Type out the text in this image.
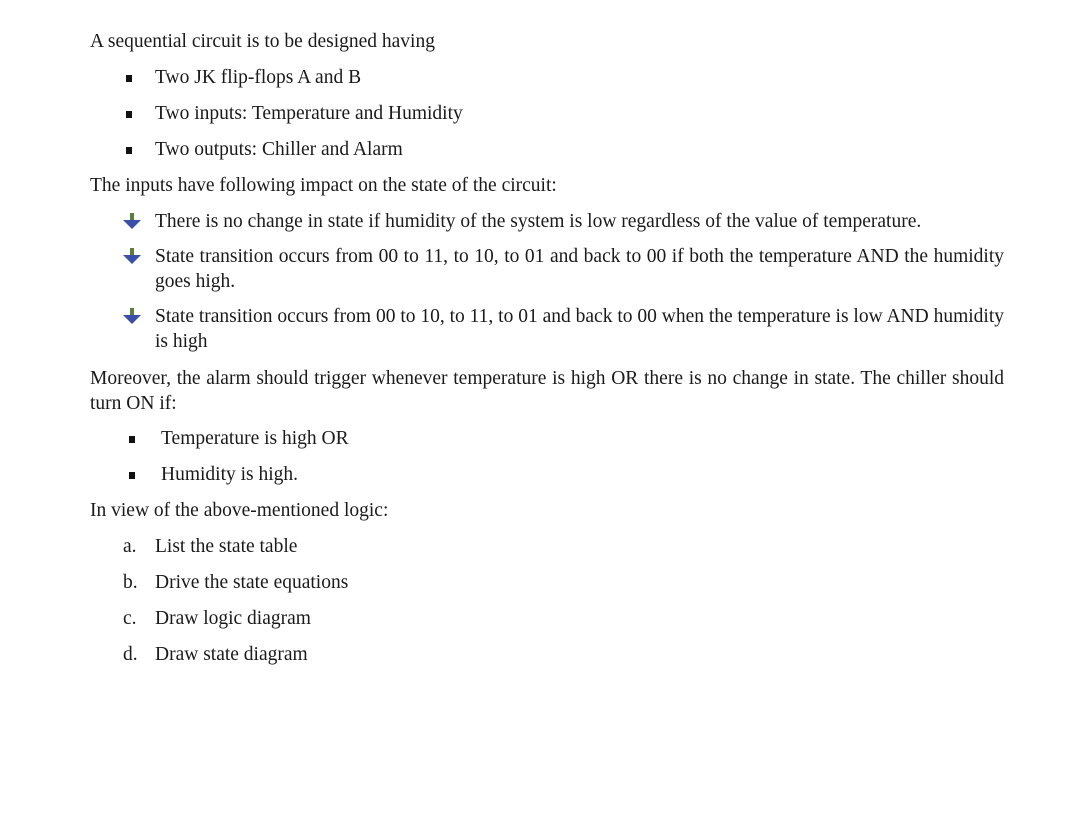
A sequential circuit is to be designed having

Two JK flip-flops A and B
Two inputs: Temperature and Humidity
Two outputs: Chiller and Alarm

The inputs have following impact on the state of the circuit:

There is no change in state if humidity of the system is low regardless of the value of temperature.
State transition occurs from 00 to 11, to 10, to 01 and back to 00 if both the temperature AND the humidity goes high.
State transition occurs from 00 to 10, to 11, to 01 and back to 00 when the temperature is low AND humidity is high

Moreover, the alarm should trigger whenever temperature is high OR there is no change in state. The chiller should turn ON if:

Temperature is high OR
Humidity is high.

In view of the above-mentioned logic:

a. List the state table
b. Drive the state equations
c. Draw logic diagram
d. Draw state diagram
